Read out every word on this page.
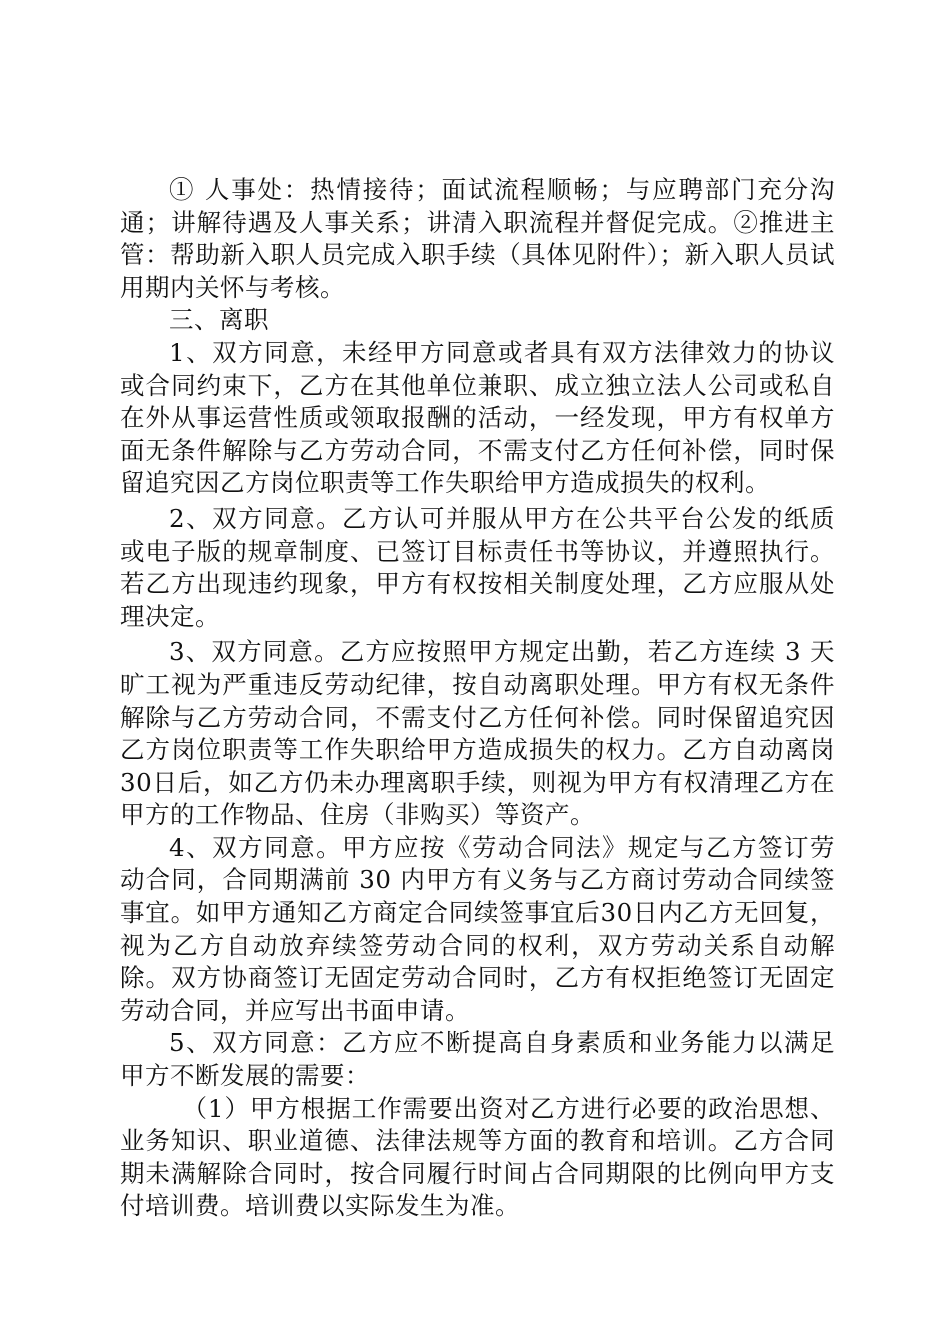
① 人事处：热情接待；面试流程顺畅；与应聘部门充分沟通；讲解待遇及人事关系；讲清入职流程并督促完成。②推进主管：帮助新入职人员完成入职手续（具体见附件）；新入职人员试用期内关怀与考核。

三、离职

1、双方同意，未经甲方同意或者具有双方法律效力的协议或合同约束下，乙方在其他单位兼职、成立独立法人公司或私自在外从事运营性质或领取报酬的活动，一经发现，甲方有权单方面无条件解除与乙方劳动合同，不需支付乙方任何补偿，同时保留追究因乙方岗位职责等工作失职给甲方造成损失的权利。

2、双方同意。乙方认可并服从甲方在公共平台公发的纸质或电子版的规章制度、已签订目标责任书等协议，并遵照执行。若乙方出现违约现象，甲方有权按相关制度处理，乙方应服从处理决定。

3、双方同意。乙方应按照甲方规定出勤，若乙方连续 3 天旷工视为严重违反劳动纪律，按自动离职处理。甲方有权无条件解除与乙方劳动合同，不需支付乙方任何补偿。同时保留追究因乙方岗位职责等工作失职给甲方造成损失的权力。乙方自动离岗30日后，如乙方仍未办理离职手续，则视为甲方有权清理乙方在甲方的工作物品、住房（非购买）等资产。

4、双方同意。甲方应按《劳动合同法》规定与乙方签订劳动合同，合同期满前 30 内甲方有义务与乙方商讨劳动合同续签事宜。如甲方通知乙方商定合同续签事宜后30日内乙方无回复，视为乙方自动放弃续签劳动合同的权利，双方劳动关系自动解除。双方协商签订无固定劳动合同时，乙方有权拒绝签订无固定劳动合同，并应写出书面申请。

5、双方同意：乙方应不断提高自身素质和业务能力以满足甲方不断发展的需要：

（1）甲方根据工作需要出资对乙方进行必要的政治思想、业务知识、职业道德、法律法规等方面的教育和培训。乙方合同期未满解除合同时，按合同履行时间占合同期限的比例向甲方支付培训费。培训费以实际发生为准。
